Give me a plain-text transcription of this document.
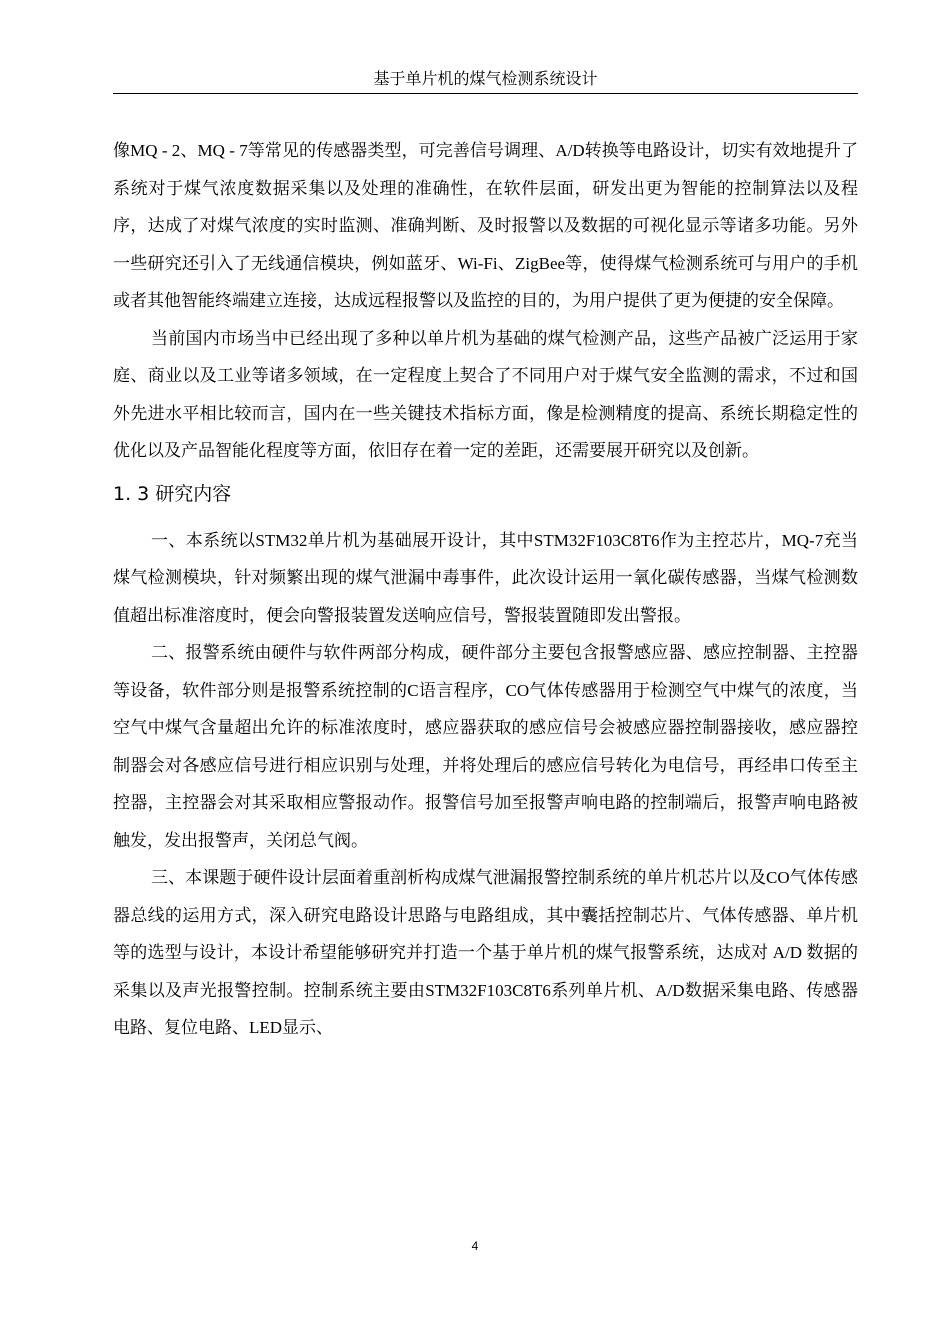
基于单片机的煤气检测系统设计

像MQ - 2、MQ - 7等常见的传感器类型，可完善信号调理、A/D转换等电路设计，切实有效地提升了系统对于煤气浓度数据采集以及处理的准确性，在软件层面，研发出更为智能的控制算法以及程序，达成了对煤气浓度的实时监测、准确判断、及时报警以及数据的可视化显示等诸多功能。另外一些研究还引入了无线通信模块，例如蓝牙、Wi-Fi、ZigBee等，使得煤气检测系统可与用户的手机或者其他智能终端建立连接，达成远程报警以及监控的目的，为用户提供了更为便捷的安全保障。

当前国内市场当中已经出现了多种以单片机为基础的煤气检测产品，这些产品被广泛运用于家庭、商业以及工业等诸多领域，在一定程度上契合了不同用户对于煤气安全监测的需求，不过和国外先进水平相比较而言，国内在一些关键技术指标方面，像是检测精度的提高、系统长期稳定性的优化以及产品智能化程度等方面，依旧存在着一定的差距，还需要展开研究以及创新。

1. 3 研究内容

一、本系统以STM32单片机为基础展开设计，其中STM32F103C8T6作为主控芯片，MQ-7充当煤气检测模块，针对频繁出现的煤气泄漏中毒事件，此次设计运用一氧化碳传感器，当煤气检测数值超出标准溶度时，便会向警报装置发送响应信号，警报装置随即发出警报。

二、报警系统由硬件与软件两部分构成，硬件部分主要包含报警感应器、感应控制器、主控器等设备，软件部分则是报警系统控制的C语言程序，CO气体传感器用于检测空气中煤气的浓度，当空气中煤气含量超出允许的标准浓度时，感应器获取的感应信号会被感应器控制器接收，感应器控制器会对各感应信号进行相应识别与处理，并将处理后的感应信号转化为电信号，再经串口传至主控器，主控器会对其采取相应警报动作。报警信号加至报警声响电路的控制端后，报警声响电路被触发，发出报警声，关闭总气阀。

三、本课题于硬件设计层面着重剖析构成煤气泄漏报警控制系统的单片机芯片以及CO气体传感器总线的运用方式，深入研究电路设计思路与电路组成，其中囊括控制芯片、气体传感器、单片机等的选型与设计，本设计希望能够研究并打造一个基于单片机的煤气报警系统，达成对 A/D 数据的采集以及声光报警控制。控制系统主要由STM32F103C8T6系列单片机、A/D数据采集电路、传感器电路、复位电路、LED显示、

4
